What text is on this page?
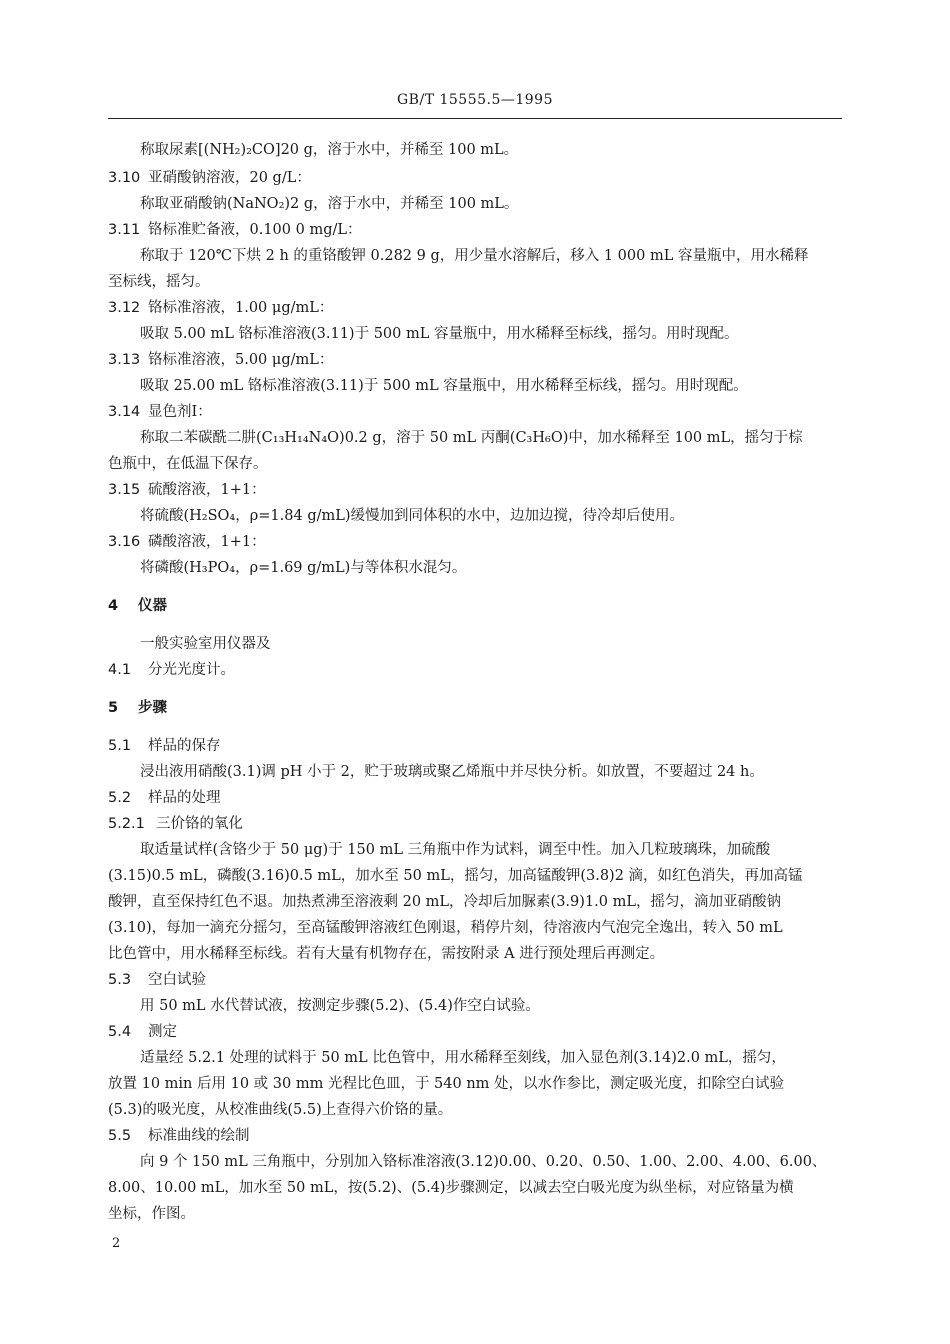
GB/T 15555.5—1995
称取尿素[(NH₂)₂CO]20 g，溶于水中，并稀至 100 mL。
3.10 亚硝酸钠溶液，20 g/L：
称取亚硝酸钠(NaNO₂)2 g，溶于水中，并稀至 100 mL。
3.11 铬标准贮备液，0.100 0 mg/L：
称取于 120℃下烘 2 h 的重铬酸钾 0.282 9 g，用少量水溶解后，移入 1 000 mL 容量瓶中，用水稀释
至标线，摇匀。
3.12 铬标准溶液，1.00 μg/mL：
吸取 5.00 mL 铬标准溶液(3.11)于 500 mL 容量瓶中，用水稀释至标线，摇匀。用时现配。
3.13 铬标准溶液，5.00 μg/mL：
吸取 25.00 mL 铬标准溶液(3.11)于 500 mL 容量瓶中，用水稀释至标线，摇匀。用时现配。
3.14 显色剂Ⅰ：
称取二苯碳酰二肼(C₁₃H₁₄N₄O)0.2 g，溶于 50 mL 丙酮(C₃H₆O)中，加水稀释至 100 mL，摇匀于棕
色瓶中，在低温下保存。
3.15 硫酸溶液，1+1：
将硫酸(H₂SO₄，ρ=1.84 g/mL)缓慢加到同体积的水中，边加边搅，待冷却后使用。
3.16 磷酸溶液，1+1：
将磷酸(H₃PO₄，ρ=1.69 g/mL)与等体积水混匀。
4 仪器
一般实验室用仪器及
4.1 分光光度计。
5 步骤
5.1 样品的保存
浸出液用硝酸(3.1)调 pH 小于 2，贮于玻璃或聚乙烯瓶中并尽快分析。如放置，不要超过 24 h。
5.2 样品的处理
5.2.1 三价铬的氧化
取适量试样(含铬少于 50 μg)于 150 mL 三角瓶中作为试料，调至中性。加入几粒玻璃珠，加硫酸
(3.15)0.5 mL，磷酸(3.16)0.5 mL，加水至 50 mL，摇匀，加高锰酸钾(3.8)2 滴，如红色消失，再加高锰
酸钾，直至保持红色不退。加热煮沸至溶液剩 20 mL，冷却后加脲素(3.9)1.0 mL，摇匀，滴加亚硝酸钠
(3.10)，每加一滴充分摇匀，至高锰酸钾溶液红色刚退，稍停片刻，待溶液内气泡完全逸出，转入 50 mL
比色管中，用水稀释至标线。若有大量有机物存在，需按附录 A 进行预处理后再测定。
5.3 空白试验
用 50 mL 水代替试液，按测定步骤(5.2)、(5.4)作空白试验。
5.4 测定
适量经 5.2.1 处理的试料于 50 mL 比色管中，用水稀释至刻线，加入显色剂(3.14)2.0 mL，摇匀，
放置 10 min 后用 10 或 30 mm 光程比色皿，于 540 nm 处，以水作参比，测定吸光度，扣除空白试验
(5.3)的吸光度，从校准曲线(5.5)上查得六价铬的量。
5.5 标准曲线的绘制
向 9 个 150 mL 三角瓶中，分别加入铬标准溶液(3.12)0.00、0.20、0.50、1.00、2.00、4.00、6.00、
8.00、10.00 mL，加水至 50 mL，按(5.2)、(5.4)步骤测定，以减去空白吸光度为纵坐标，对应铬量为横
坐标，作图。
2
